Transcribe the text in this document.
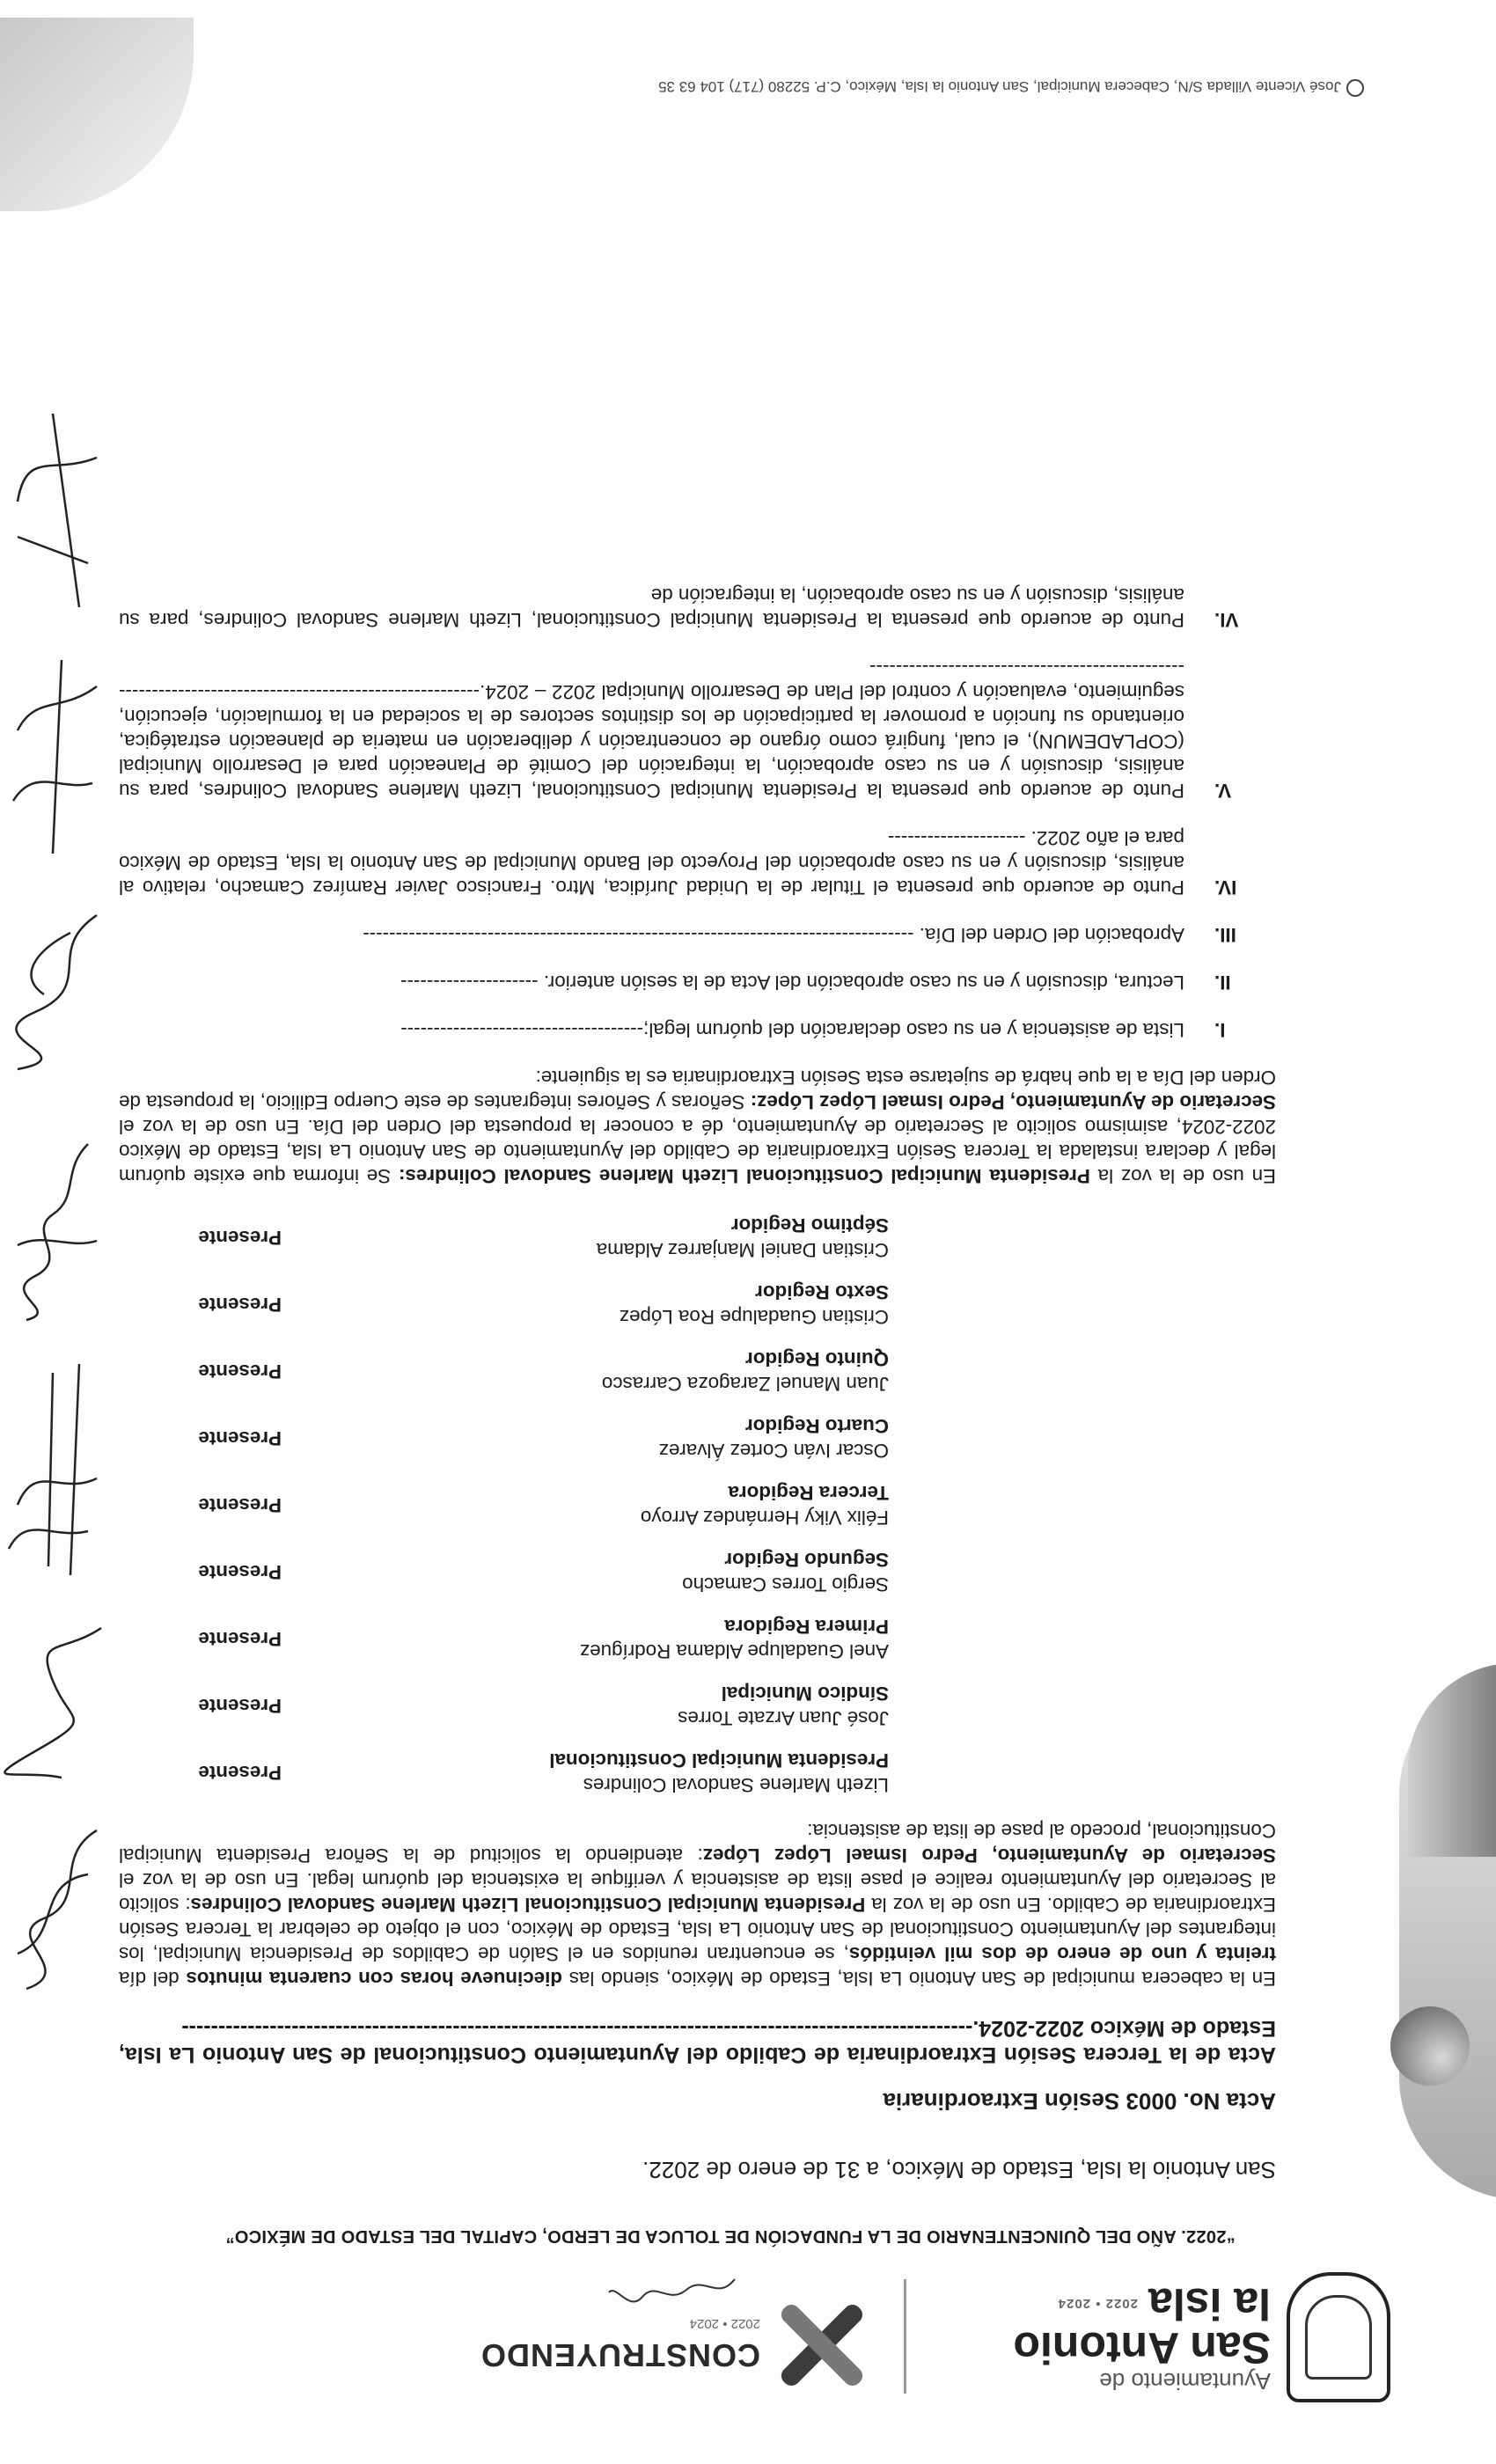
Ayuntamiento de
San Antonio
la isla
2022 • 2024
CONSTRUYENDO
2022 • 2024
“2022. AÑO DEL QUINCENTENARIO DE LA FUNDACIÓN DE TOLUCA DE LERDO, CAPITAL DEL ESTADO DE MÉXICO”
San Antonio la Isla, Estado de México, a 31 de enero de 2022.
Acta No. 0003 Sesión Extraordinaria
Acta de la Tercera Sesión Extraordinaria de Cabildo del Ayuntamiento Constitucional de San Antonio La Isla, Estado de México 2022-2024.------------------------------------------------------------------------------------------------------------
En la cabecera municipal de San Antonio La Isla, Estado de México, siendo las diecinueve horas con cuarenta minutos del día treinta y uno de enero de dos mil veintidós, se encuentran reunidos en el Salón de Cabildos de Presidencia Municipal, los integrantes del Ayuntamiento Constitucional de San Antonio La Isla, Estado de México, con el objeto de celebrar la Tercera Sesión Extraordinaria de Cabildo. En uso de la voz la Presidenta Municipal Constitucional Lizeth Marlene Sandoval Colindres: solicito al Secretario del Ayuntamiento realice el pase lista de asistencia y verifique la existencia del quórum legal. En uso de la voz el Secretario de Ayuntamiento, Pedro Ismael López López: atendiendo la solicitud de la Señora Presidenta Municipal Constitucional, procedo al pase de lista de asistencia:
Lizeth Marlene Sandoval Colindres
Presidenta Municipal Constitucional
Presente
José Juan Arzate Torres
Síndico Municipal
Presente
Anel Guadalupe Aldama Rodríguez
Primera Regidora
Presente
Sergio Torres Camacho
Segundo Regidor
Presente
Félix Viky Hernández Arroyo
Tercera Regidora
Presente
Oscar Iván Cortez Álvarez
Cuarto Regidor
Presente
Juan Manuel Zaragoza Carrasco
Quinto Regidor
Presente
Cristian Guadalupe Roa López
Sexto Regidor
Presente
Cristian Daniel Manjarrez Aldama
Séptimo Regidor
Presente
En uso de la voz la Presidenta Municipal Constitucional Lizeth Marlene Sandoval Colindres: Se informa que existe quórum legal y declara instalada la Tercera Sesión Extraordinaria de Cabildo del Ayuntamiento de San Antonio La Isla, Estado de México 2022-2024, asimismo solicito al Secretario de Ayuntamiento, dé a conocer la propuesta del Orden del Día. En uso de la voz el Secretario de Ayuntamiento, Pedro Ismael López López: Señoras y Señores integrantes de este Cuerpo Edilicio, la propuesta de Orden del Día a la que habrá de sujetarse esta Sesión Extraordinaria es la siguiente:
I.
Lista de asistencia y en su caso declaración del quórum legal;-------------------------------------
II.
Lectura, discusión y en su caso aprobación del Acta de la sesión anterior. ---------------------
III.
Aprobación del Orden del Día. ------------------------------------------------------------------------------------
IV.
Punto de acuerdo que presenta el Titular de la Unidad Jurídica, Mtro. Francisco Javier Ramírez Camacho, relativo al análisis, discusión y en su caso aprobación del Proyecto del Bando Municipal de San Antonio la Isla, Estado de México para el año 2022. ---------------------
V.
Punto de acuerdo que presenta la Presidenta Municipal Constitucional, Lizeth Marlene Sandoval Colindres, para su análisis, discusión y en su caso aprobación, la integración del Comité de Planeación para el Desarrollo Municipal (COPLADEMUN), el cual, fungirá como órgano de concentración y deliberación en materia de planeación estratégica, orientando su función a promover la participación de los distintos sectores de la sociedad en la formulación, ejecución, seguimiento, evaluación y control del Plan de Desarrollo Municipal 2022 – 2024.-------------------------------------------------------------------------------------------------------
VI.
Punto de acuerdo que presenta la Presidenta Municipal Constitucional, Lizeth Marlene Sandoval Colindres, para su análisis, discusión y en su caso aprobación, la integración de
José Vicente Villada S/N, Cabecera Municipal, San Antonio la Isla, México, C.P. 52280 (717) 104 63 35
